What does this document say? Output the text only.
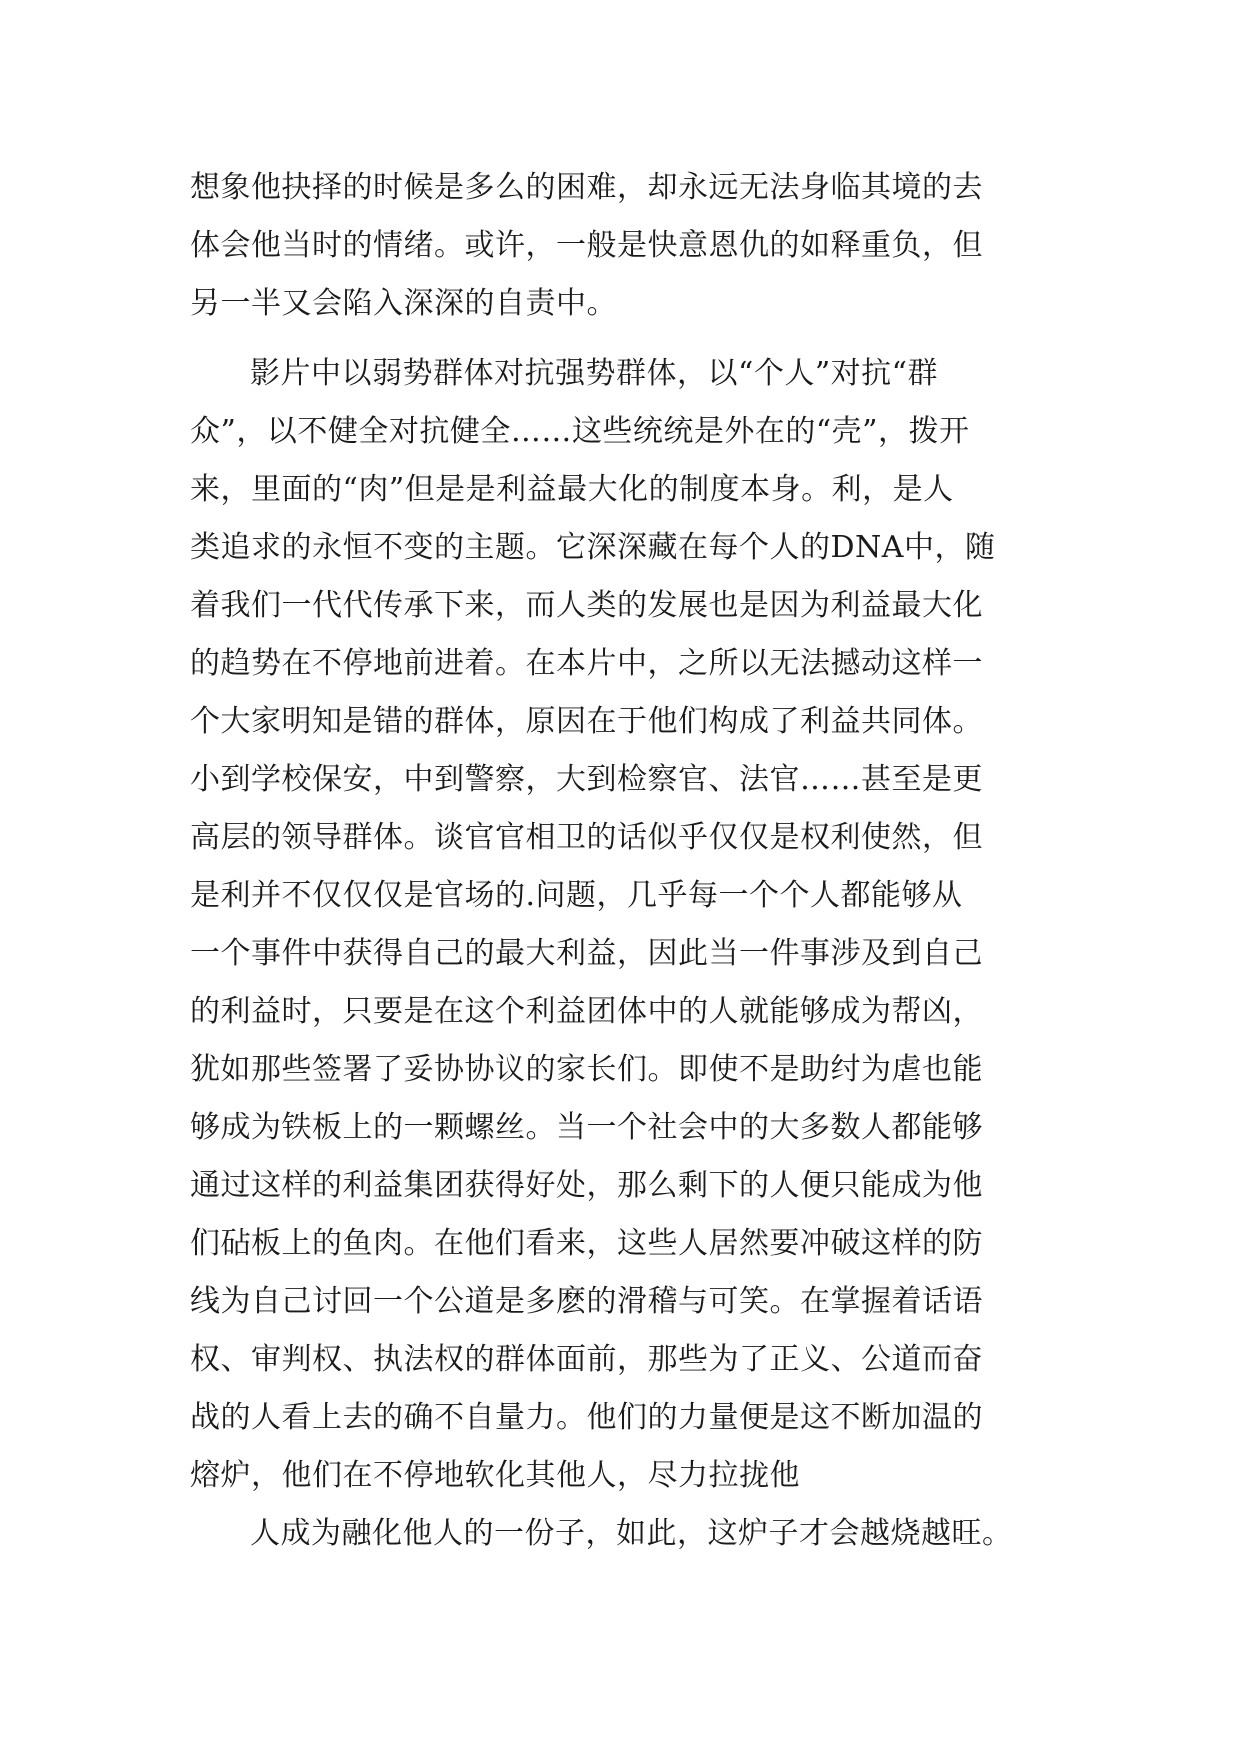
想象他抉择的时候是多么的困难，却永远无法身临其境的去
体会他当时的情绪。或许，一般是快意恩仇的如释重负，但
另一半又会陷入深深的自责中。
影片中以弱势群体对抗强势群体，以“个人”对抗“群
众”，以不健全对抗健全……这些统统是外在的“壳”，拨开
来，里面的“肉”但是是利益最大化的制度本身。利，是人
类追求的永恒不变的主题。它深深藏在每个人的DNA中，随
着我们一代代传承下来，而人类的发展也是因为利益最大化
的趋势在不停地前进着。在本片中，之所以无法撼动这样一
个大家明知是错的群体，原因在于他们构成了利益共同体。
小到学校保安，中到警察，大到检察官、法官……甚至是更
高层的领导群体。谈官官相卫的话似乎仅仅是权利使然，但
是利并不仅仅仅是官场的.问题，几乎每一个个人都能够从
一个事件中获得自己的最大利益，因此当一件事涉及到自己
的利益时，只要是在这个利益团体中的人就能够成为帮凶，
犹如那些签署了妥协协议的家长们。即使不是助纣为虐也能
够成为铁板上的一颗螺丝。当一个社会中的大多数人都能够
通过这样的利益集团获得好处，那么剩下的人便只能成为他
们砧板上的鱼肉。在他们看来，这些人居然要冲破这样的防
线为自己讨回一个公道是多麽的滑稽与可笑。在掌握着话语
权、审判权、执法权的群体面前，那些为了正义、公道而奋
战的人看上去的确不自量力。他们的力量便是这不断加温的
熔炉，他们在不停地软化其他人，尽力拉拢他
人成为融化他人的一份子，如此，这炉子才会越烧越旺。
